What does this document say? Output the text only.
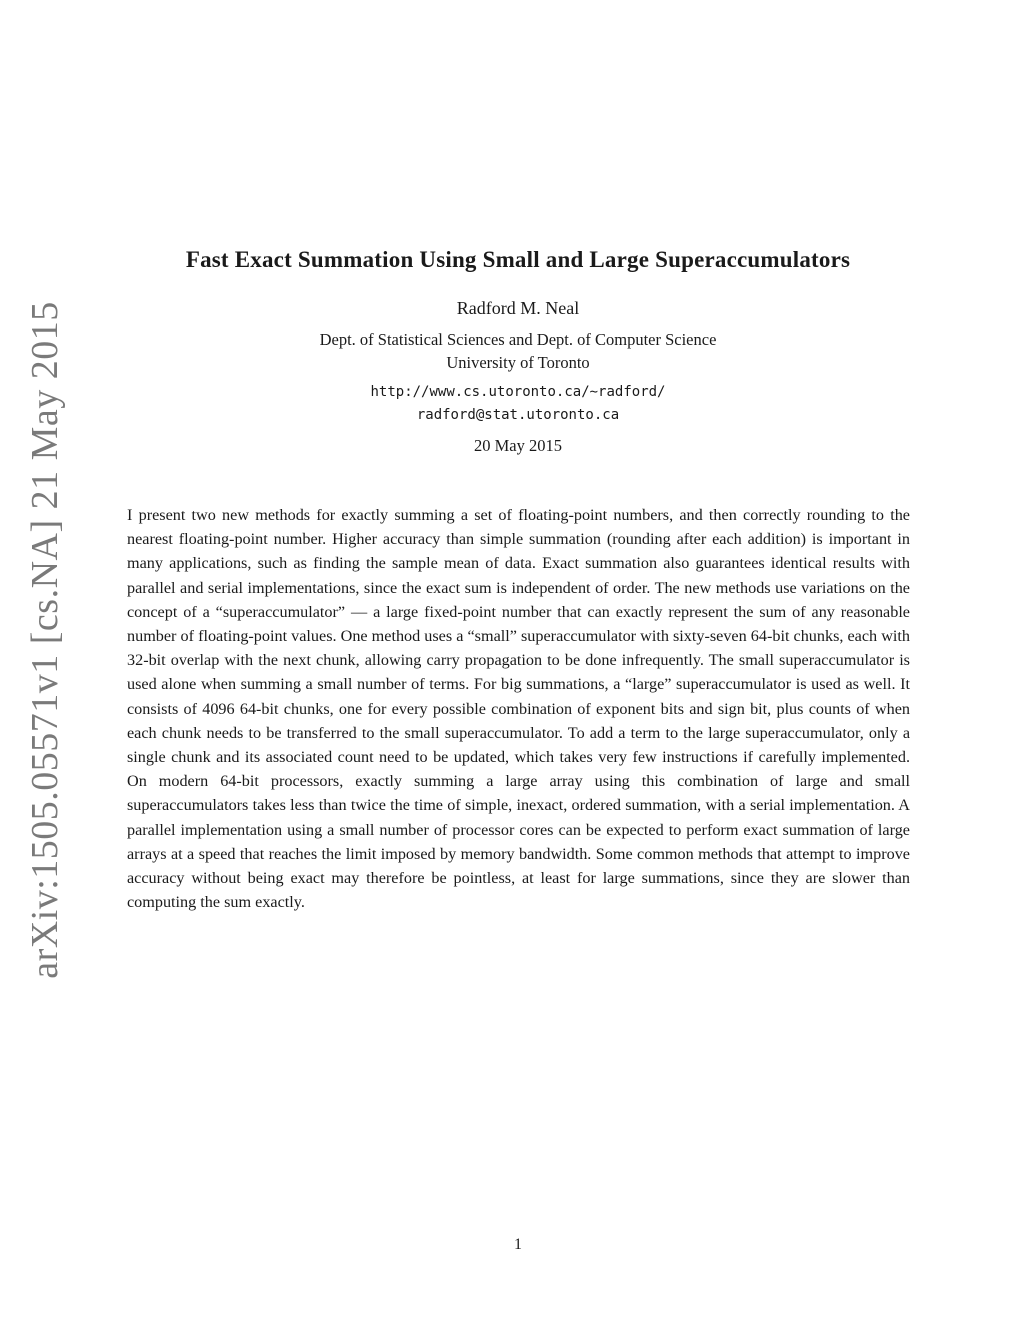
arXiv:1505.05571v1 [cs.NA] 21 May 2015
Fast Exact Summation Using Small and Large Superaccumulators
Radford M. Neal
Dept. of Statistical Sciences and Dept. of Computer Science
University of Toronto
http://www.cs.utoronto.ca/∼radford/
radford@stat.utoronto.ca
20 May 2015

I present two new methods for exactly summing a set of floating-point numbers, and then correctly rounding to the nearest floating-point number. Higher accuracy than simple summation (rounding after each addition) is important in many applications, such as finding the sample mean of data. Exact summation also guarantees identical results with parallel and serial implementations, since the exact sum is independent of order. The new methods use variations on the concept of a “superaccumulator” — a large fixed-point number that can exactly represent the sum of any reasonable number of floating-point values. One method uses a “small” superaccumulator with sixty-seven 64-bit chunks, each with 32-bit overlap with the next chunk, allowing carry propagation to be done infrequently. The small superaccumulator is used alone when summing a small number of terms. For big summations, a “large” superaccumulator is used as well. It consists of 4096 64-bit chunks, one for every possible combination of exponent bits and sign bit, plus counts of when each chunk needs to be transferred to the small superaccumulator. To add a term to the large superaccumulator, only a single chunk and its associated count need to be updated, which takes very few instructions if carefully implemented. On modern 64-bit processors, exactly summing a large array using this combination of large and small superaccumulators takes less than twice the time of simple, inexact, ordered summation, with a serial implementation. A parallel implementation using a small number of processor cores can be expected to perform exact summation of large arrays at a speed that reaches the limit imposed by memory bandwidth. Some common methods that attempt to improve accuracy without being exact may therefore be pointless, at least for large summations, since they are slower than computing the sum exactly.

1
